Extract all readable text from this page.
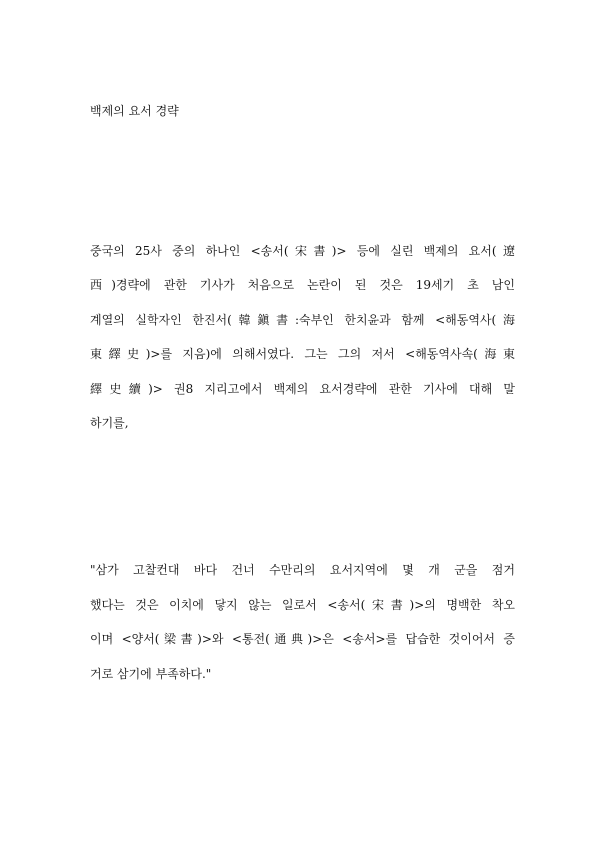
백제의 요서 경략
중국의 25사 중의 하나인 <송서(宋書)> 등에 실린 백제의 요서(遼
西)경략에 관한 기사가 처음으로 논란이 된 것은 19세기 초 남인
계열의 실학자인 한진서(韓鎭書:숙부인 한치윤과 함께 <해동역사(海
東繹史)>를 지음)에 의해서였다. 그는 그의 저서 <해동역사속(海東
繹史續)> 권8 지리고에서 백제의 요서경략에 관한 기사에 대해 말
하기를,
"삼가 고찰컨대 바다 건너 수만리의 요서지역에 몇 개 군을 점거
했다는 것은 이치에 닿지 않는 일로서 <송서(宋書)>의 명백한 착오
이며 <양서(梁書)>와 <통전(通典)>은 <송서>를 답습한 것이어서 증
거로 삼기에 부족하다."
